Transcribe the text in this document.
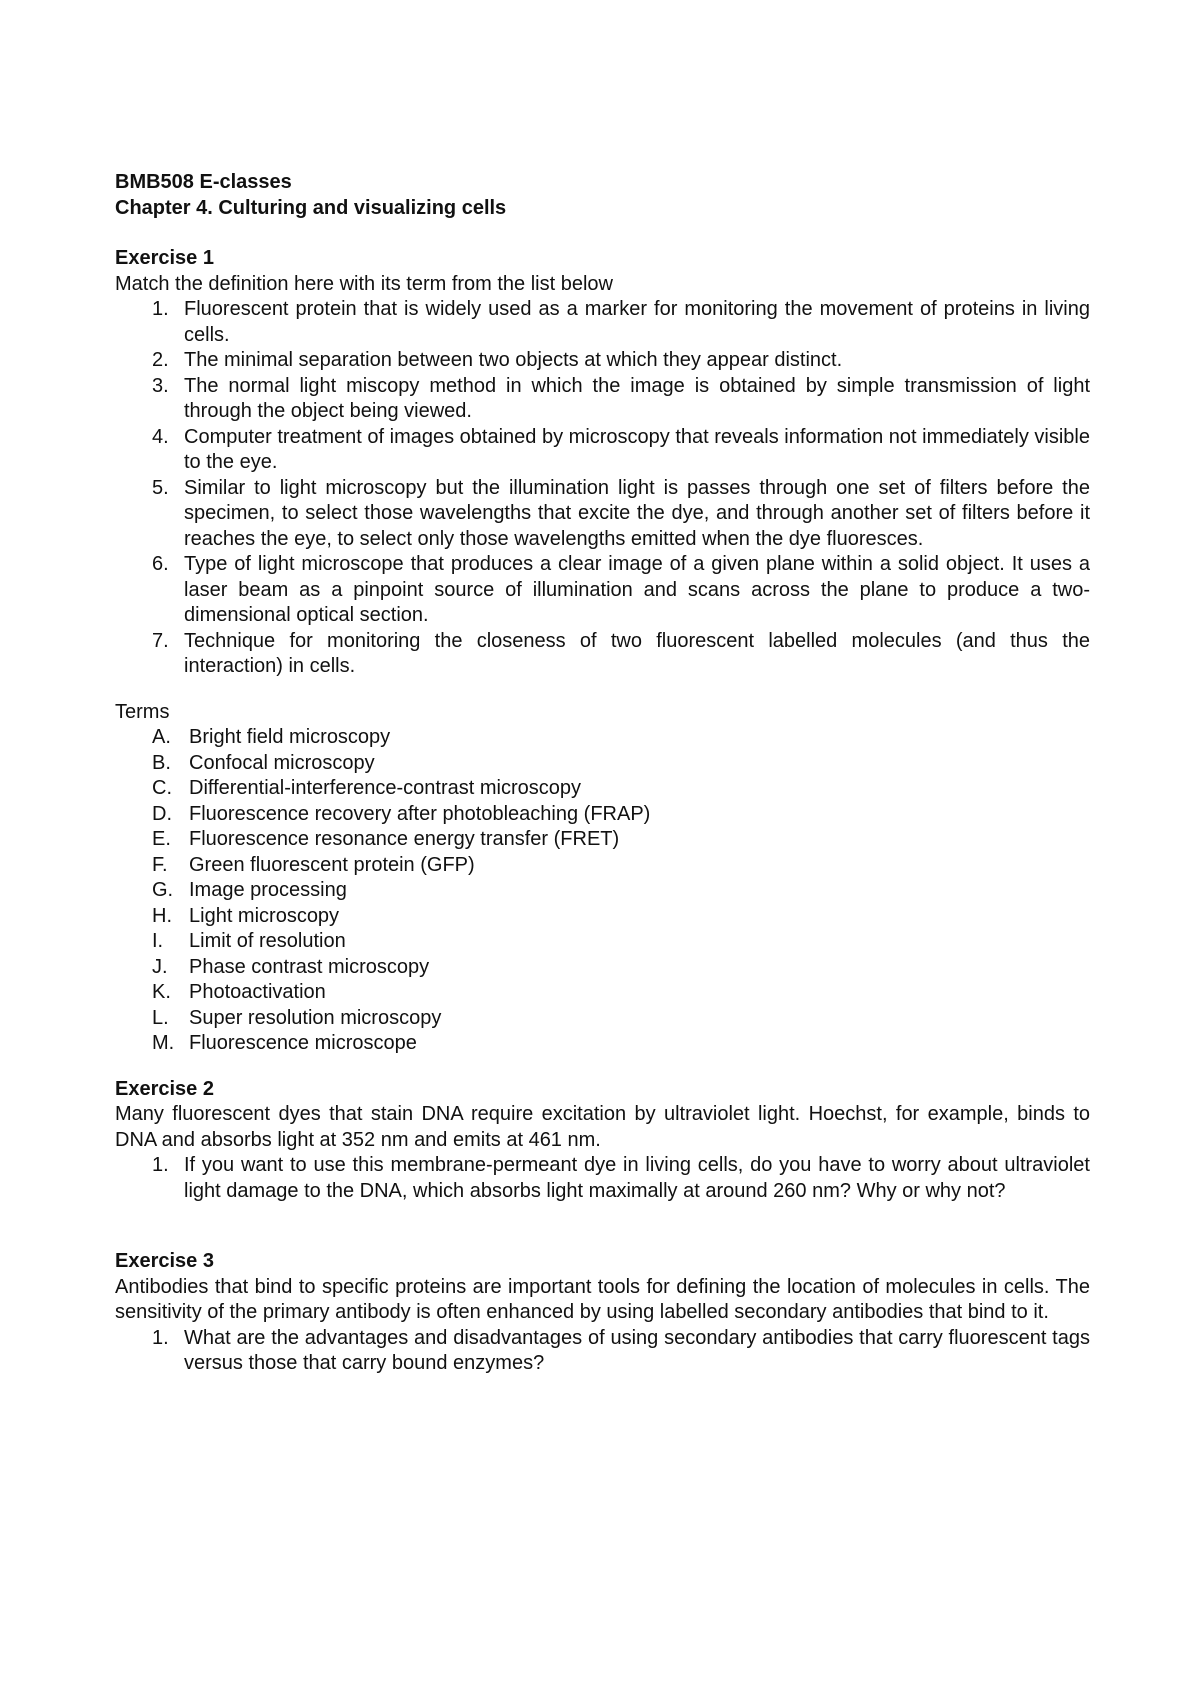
BMB508 E-classes
Chapter 4. Culturing and visualizing cells
Exercise 1
Match the definition here with its term from the list below
1. Fluorescent protein that is widely used as a marker for monitoring the movement of proteins in living cells.
2. The minimal separation between two objects at which they appear distinct.
3. The normal light miscopy method in which the image is obtained by simple transmission of light through the object being viewed.
4. Computer treatment of images obtained by microscopy that reveals information not immediately visible to the eye.
5. Similar to light microscopy but the illumination light is passes through one set of filters before the specimen, to select those wavelengths that excite the dye, and through another set of filters before it reaches the eye, to select only those wavelengths emitted when the dye fluoresces.
6. Type of light microscope that produces a clear image of a given plane within a solid object. It uses a laser beam as a pinpoint source of illumination and scans across the plane to produce a two-dimensional optical section.
7. Technique for monitoring the closeness of two fluorescent labelled molecules (and thus the interaction) in cells.
Terms
A. Bright field microscopy
B. Confocal microscopy
C. Differential-interference-contrast microscopy
D. Fluorescence recovery after photobleaching (FRAP)
E. Fluorescence resonance energy transfer (FRET)
F.	Green fluorescent protein (GFP)
G. Image processing
H. Light microscopy
I.	Limit of resolution
J.	Phase contrast microscopy
K. Photoactivation
L.	Super resolution microscopy
M. Fluorescence microscope
Exercise 2
Many fluorescent dyes that stain DNA require excitation by ultraviolet light. Hoechst, for example, binds to DNA and absorbs light at 352 nm and emits at 461 nm.
1. If you want to use this membrane-permeant dye in living cells, do you have to worry about ultraviolet light damage to the DNA, which absorbs light maximally at around 260 nm? Why or why not?
Exercise 3
Antibodies that bind to specific proteins are important tools for defining the location of molecules in cells. The sensitivity of the primary antibody is often enhanced by using labelled secondary antibodies that bind to it.
1. What are the advantages and disadvantages of using secondary antibodies that carry fluorescent tags versus those that carry bound enzymes?
